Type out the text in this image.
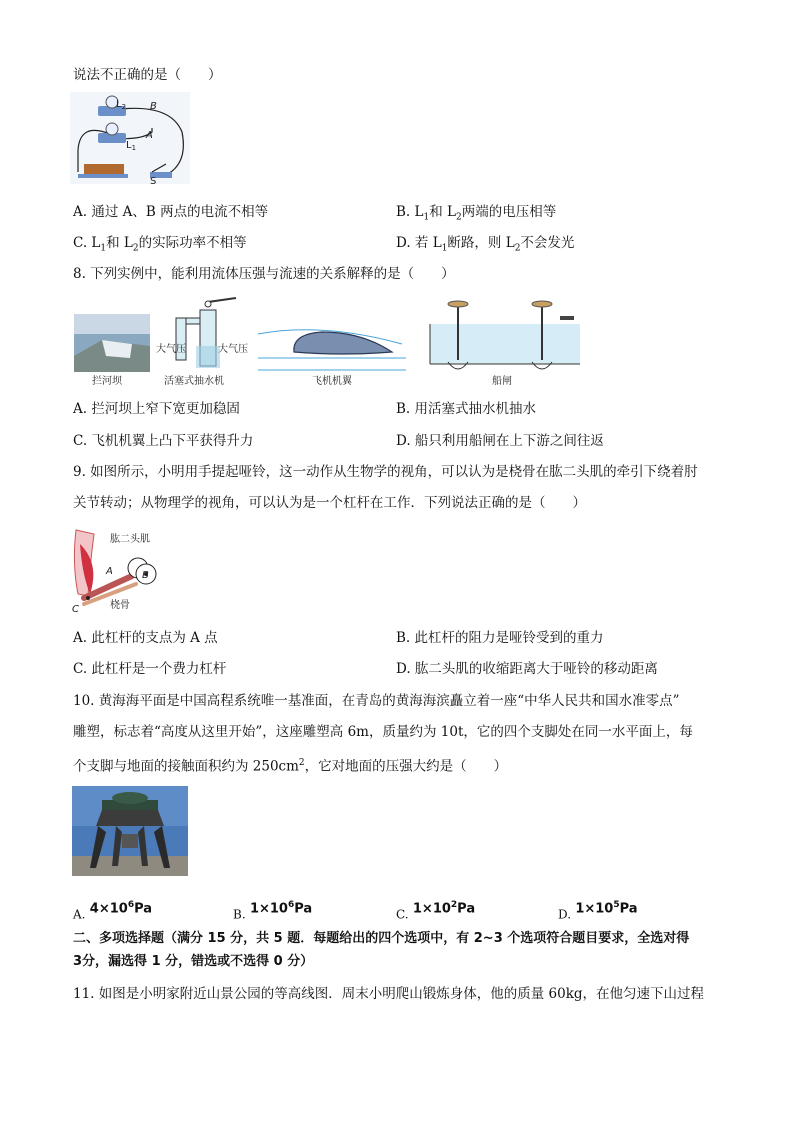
说法不正确的是（　　）
$L_2$ B
A
$L_1$
S
A. 通过 A、B 两点的电流不相等	B. $L_1$和 $L_2$两端的电压相等
C. $L_1$和 $L_2$的实际功率不相等	D. 若 $L_1$断路，则 $L_2$不会发光
8. 下列实例中，能利用流体压强与流速的关系解释的是（　　）
拦河坝
大气压	大气压
活塞式抽水机	飞机机翼	船闸
A. 拦河坝上窄下宽更加稳固	B. 用活塞式抽水机抽水
C. 飞机机翼上凸下平获得升力	D. 船只利用船闸在上下游之间往返
9. 如图所示，小明用手提起哑铃，这一动作从生物学的视角，可以认为是桡骨在肱二头肌的牵引下绕着肘
关节转动；从物理学的视角，可以认为是一个杠杆在工作．下列说法正确的是（　　）
肱二头肌
A	B
C	桡骨
A. 此杠杆的支点为 A 点	B. 此杠杆的阻力是哑铃受到的重力
C. 此杠杆是一个费力杠杆	D. 肱二头肌的收缩距离大于哑铃的移动距离
10. 黄海海平面是中国高程系统唯一基准面，在青岛的黄海海滨矗立着一座“中华人民共和国水准零点”
雕塑，标志着“高度从这里开始”，这座雕塑高 6m，质量约为 10t，它的四个支脚处在同一水平面上，每
个支脚与地面的接触面积约为 $250cm^2$，它对地面的压强大约是（　　）
A. $4\times 10^6Pa$	B. $1\times 10^6Pa$	C. $1\times 10^2Pa$	D. $1\times 10^5Pa$
二、多项选择题（满分 15 分，共 5 题．每题给出的四个选项中，有 2~3 个选项符合题目要求，全选对得
3分，漏选得 1 分，错选或不选得 0 分）
11. 如图是小明家附近山景公园的等高线图．周末小明爬山锻炼身体，他的质量 60kg，在他匀速下山过程
